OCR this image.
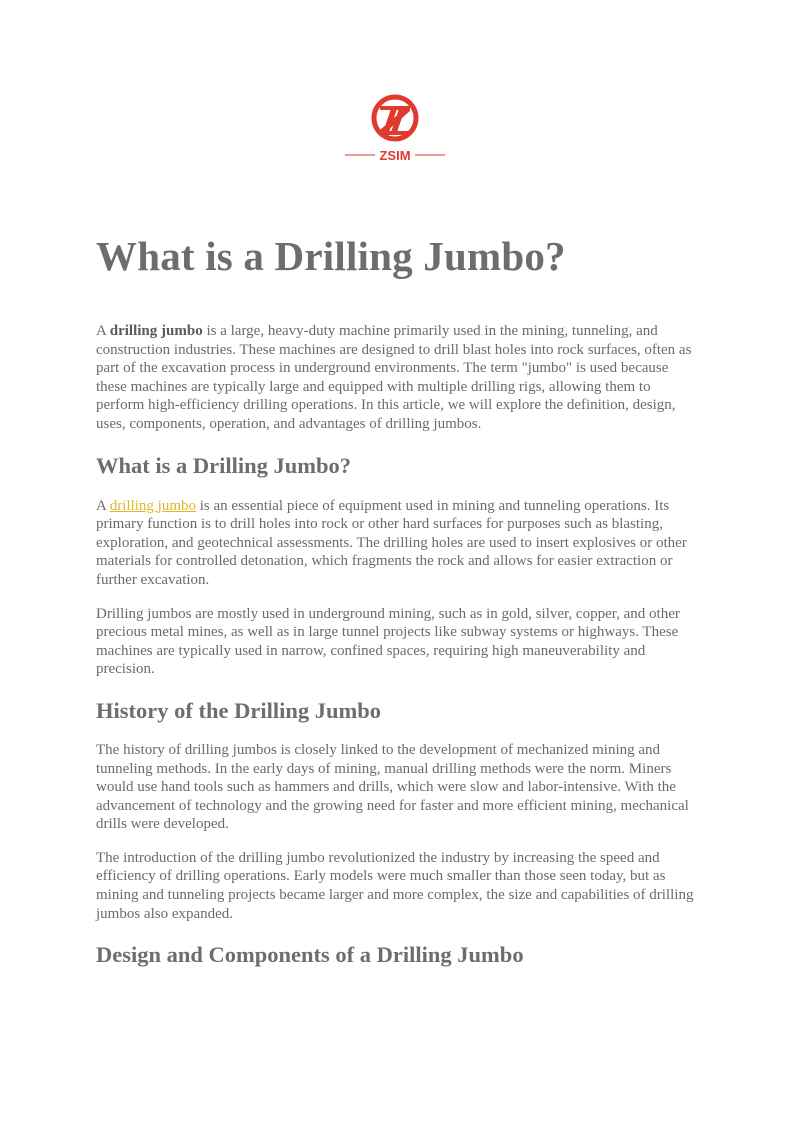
ZSIM
What is a Drilling Jumbo?

A drilling jumbo is a large, heavy-duty machine primarily used in the mining, tunneling, and construction industries. These machines are designed to drill blast holes into rock surfaces, often as part of the excavation process in underground environments. The term "jumbo" is used because these machines are typically large and equipped with multiple drilling rigs, allowing them to perform high-efficiency drilling operations. In this article, we will explore the definition, design, uses, components, operation, and advantages of drilling jumbos.

What is a Drilling Jumbo?

A drilling jumbo is an essential piece of equipment used in mining and tunneling operations. Its primary function is to drill holes into rock or other hard surfaces for purposes such as blasting, exploration, and geotechnical assessments. The drilling holes are used to insert explosives or other materials for controlled detonation, which fragments the rock and allows for easier extraction or further excavation.

Drilling jumbos are mostly used in underground mining, such as in gold, silver, copper, and other precious metal mines, as well as in large tunnel projects like subway systems or highways. These machines are typically used in narrow, confined spaces, requiring high maneuverability and precision.

History of the Drilling Jumbo

The history of drilling jumbos is closely linked to the development of mechanized mining and tunneling methods. In the early days of mining, manual drilling methods were the norm. Miners would use hand tools such as hammers and drills, which were slow and labor-intensive. With the advancement of technology and the growing need for faster and more efficient mining, mechanical drills were developed.

The introduction of the drilling jumbo revolutionized the industry by increasing the speed and efficiency of drilling operations. Early models were much smaller than those seen today, but as mining and tunneling projects became larger and more complex, the size and capabilities of drilling jumbos also expanded.

Design and Components of a Drilling Jumbo
